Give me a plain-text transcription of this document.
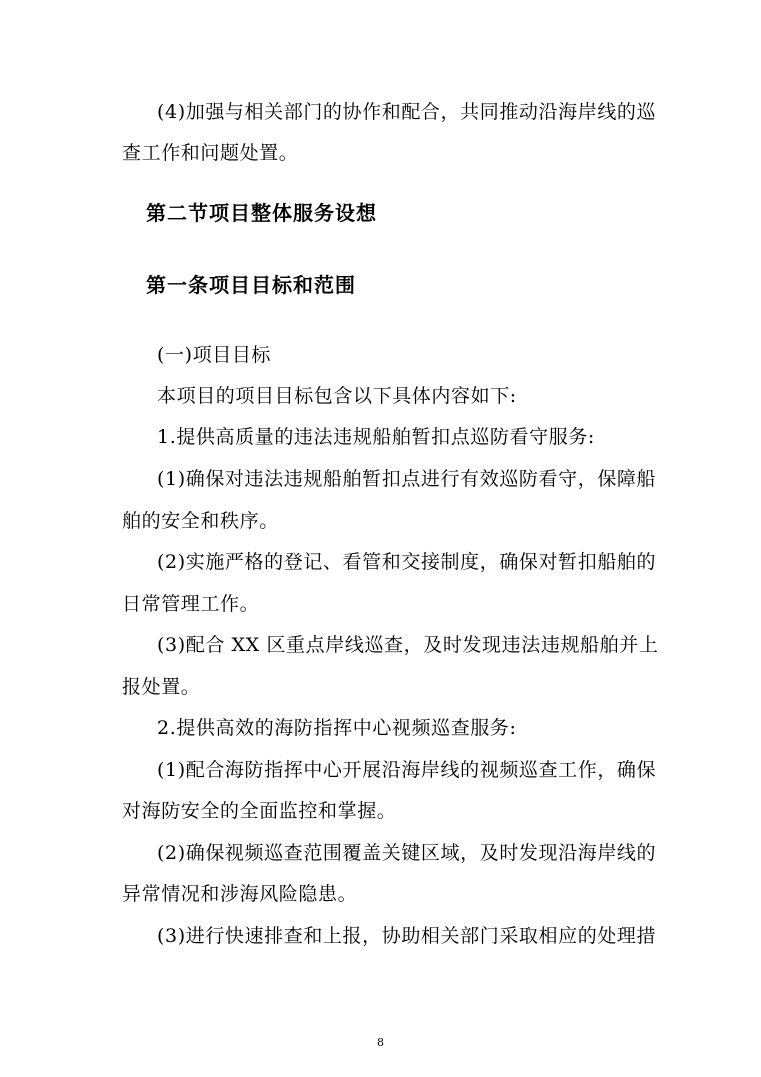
(4)加强与相关部门的协作和配合，共同推动沿海岸线的巡
查工作和问题处置。
第二节项目整体服务设想
第一条项目目标和范围
(一)项目目标
本项目的项目目标包含以下具体内容如下:
1.提供高质量的违法违规船舶暂扣点巡防看守服务:
(1)确保对违法违规船舶暂扣点进行有效巡防看守，保障船
舶的安全和秩序。
(2)实施严格的登记、看管和交接制度，确保对暂扣船舶的
日常管理工作。
(3)配合 XX 区重点岸线巡查，及时发现违法违规船舶并上
报处置。
2.提供高效的海防指挥中心视频巡查服务:
(1)配合海防指挥中心开展沿海岸线的视频巡查工作，确保
对海防安全的全面监控和掌握。
(2)确保视频巡查范围覆盖关键区域，及时发现沿海岸线的
异常情况和涉海风险隐患。
(3)进行快速排查和上报，协助相关部门采取相应的处理措
8
